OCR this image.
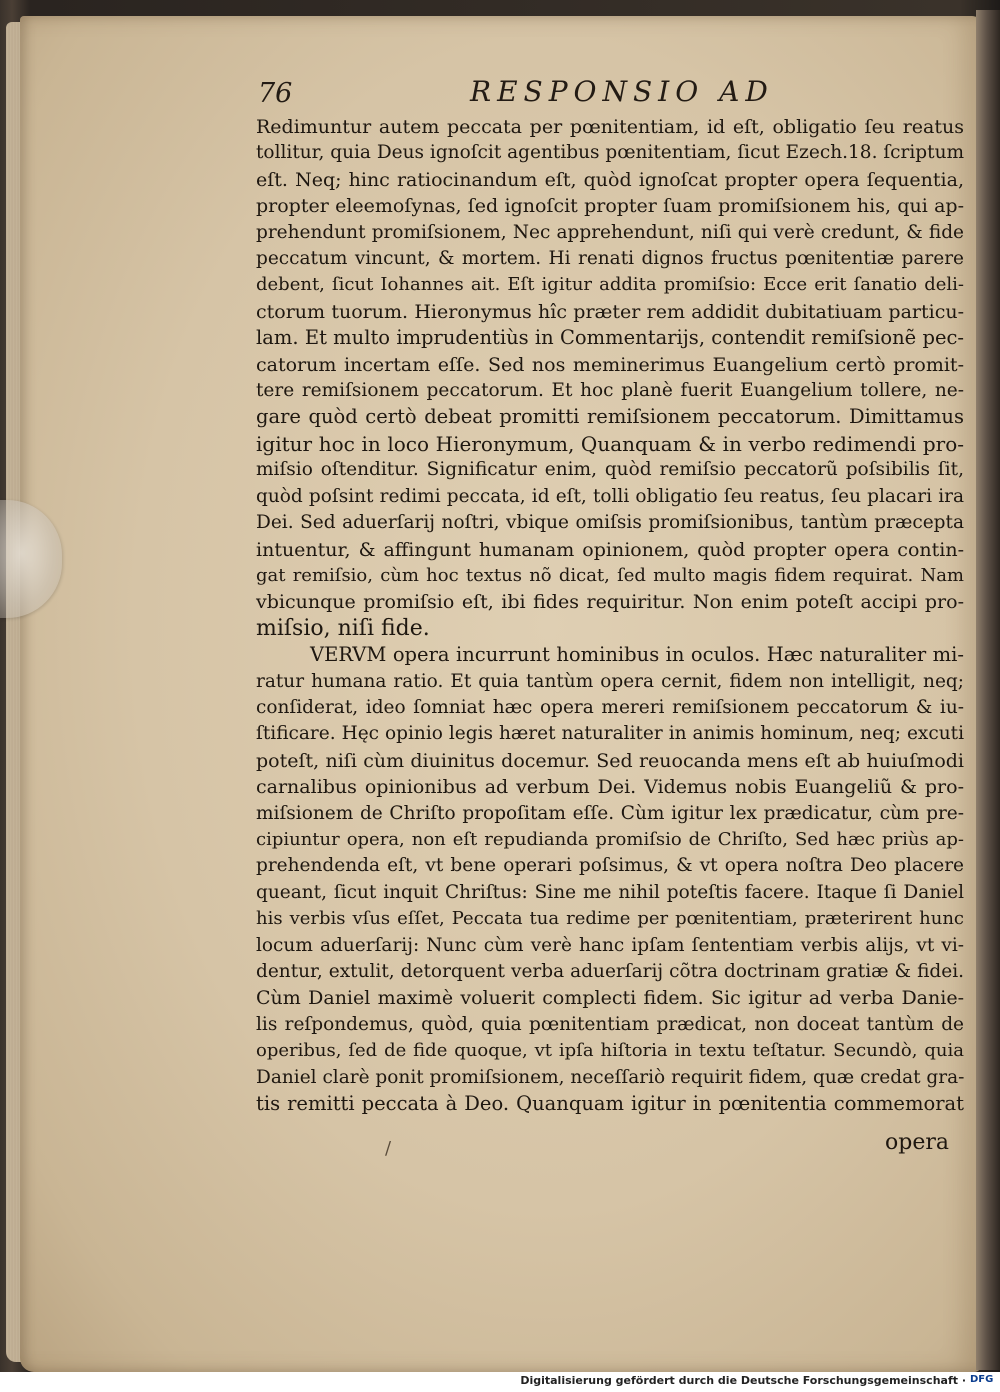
76	RESPONSIO AD
Redimuntur autem peccata per pœnitentiam, id eſt, obligatio ſeu reatus
tollitur, quia Deus ignoſcit agentibus pœnitentiam, ſicut Ezech.18. ſcriptum
eſt. Neq; hinc ratiocinandum eſt, quòd ignoſcat propter opera ſequentia,
propter eleemoſynas, ſed ignoſcit propter ſuam promiſsionem his, qui ap-
prehendunt promiſsionem, Nec apprehendunt, niſi qui verè credunt, & fide
peccatum vincunt, & mortem. Hi renati dignos fructus pœnitentiæ parere
debent, ſicut Iohannes ait. Eſt igitur addita promiſsio: Ecce erit ſanatio deli-
ctorum tuorum. Hieronymus hîc præter rem addidit dubitatiuam particu-
lam. Et multo imprudentiùs in Commentarijs, contendit remiſsionẽ pec-
catorum incertam eſſe. Sed nos meminerimus Euangelium certò promit-
tere remiſsionem peccatorum. Et hoc planè fuerit Euangelium tollere, ne-
gare quòd certò debeat promitti remiſsionem peccatorum. Dimittamus
igitur hoc in loco Hieronymum, Quanquam & in verbo redimendi pro-
miſsio oſtenditur. Significatur enim, quòd remiſsio peccatorũ poſsibilis ſit,
quòd poſsint redimi peccata, id eſt, tolli obligatio ſeu reatus, ſeu placari ira
Dei. Sed aduerſarij noſtri, vbique omiſsis promiſsionibus, tantùm præcepta
intuentur, & affingunt humanam opinionem, quòd propter opera contin-
gat remiſsio, cùm hoc textus nõ dicat, ſed multo magis fidem requirat. Nam
vbicunque promiſsio eſt, ibi fides requiritur. Non enim poteſt accipi pro-
miſsio, niſi fide.
VERVM opera incurrunt hominibus in oculos. Hæc naturaliter mi-
ratur humana ratio. Et quia tantùm opera cernit, fidem non intelligit, neq;
conſiderat, ideo ſomniat hæc opera mereri remiſsionem peccatorum & iu-
ſtificare. Hęc opinio legis hæret naturaliter in animis hominum, neq; excuti
poteſt, niſi cùm diuinitus docemur. Sed reuocanda mens eſt ab huiuſmodi
carnalibus opinionibus ad verbum Dei. Videmus nobis Euangeliũ & pro-
miſsionem de Chriſto propoſitam eſſe. Cùm igitur lex prædicatur, cùm pre-
cipiuntur opera, non eſt repudianda promiſsio de Chriſto, Sed hæc priùs ap-
prehendenda eſt, vt bene operari poſsimus, & vt opera noſtra Deo placere
queant, ſicut inquit Chriſtus: Sine me nihil poteſtis facere. Itaque ſi Daniel
his verbis vſus eſſet, Peccata tua redime per pœnitentiam, præterirent hunc
locum aduerſarij: Nunc cùm verè hanc ipſam ſententiam verbis alijs, vt vi-
dentur, extulit, detorquent verba aduerſarij cõtra doctrinam gratiæ & fidei.
Cùm Daniel maximè voluerit complecti fidem. Sic igitur ad verba Danie-
lis reſpondemus, quòd, quia pœnitentiam prædicat, non doceat tantùm de
operibus, ſed de fide quoque, vt ipſa hiſtoria in textu teſtatur. Secundò, quia
Daniel clarè ponit promiſsionem, neceſſariò requirit fidem, quæ credat gra-
tis remitti peccata à Deo. Quanquam igitur in pœnitentia commemorat
/	opera
Digitalisierung gefördert durch die Deutsche Forschungsgemeinschaft · DFG
